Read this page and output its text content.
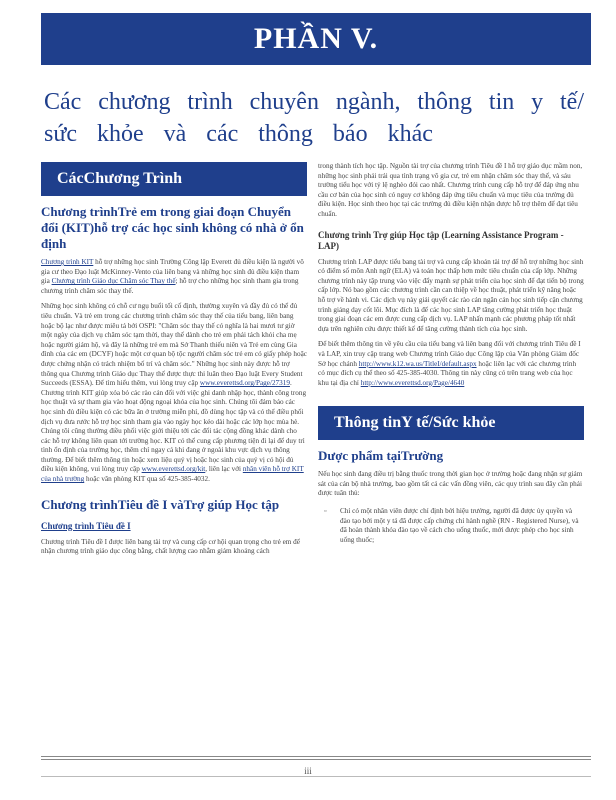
PHẦN V.
Các chương trình chuyên ngành, thông tin y tế/
sức khỏe và các thông báo khác
CácChương Trình
Chương trìnhTrẻ em trong giai đoạn Chuyển đổi (KIT)hỗ trợ các học sinh không có nhà ở ổn định

Chương trình KIT hỗ trợ những học sinh Trường Công lập Everett đủ điều kiện là người vô gia cư theo Đạo luật McKinney-Vento của liên bang và những học sinh đủ điều kiện tham gia Chương trình Giáo dục Chăm sóc Thay thế; hỗ trợ cho những học sinh tham gia trong chương trình chăm sóc thay thế.

Những học sinh không có chỗ cư ngụ buổi tối cố định, thường xuyên và đầy đủ có thể đủ tiêu chuẩn. Và trẻ em trong các chương trình chăm sóc thay thế của tiểu bang, liên bang hoặc bộ lạc như được miêu tả bởi OSPI: "Chăm sóc thay thế có nghĩa là hai mươi tư giờ một ngày của dịch vụ chăm sóc tạm thời, thay thế dành cho trẻ em phải tách khỏi cha mẹ hoặc người giám hộ, và đây là những trẻ em mà Sở Thanh thiếu niên và Trẻ em cùng Gia đình của các em (DCYF) hoặc một cơ quan bộ tộc người chăm sóc trẻ em có giấy phép hoặc được chứng nhận có trách nhiệm bố trí và chăm sóc." Những học sinh này được hỗ trợ thông qua Chương trình Giáo dục Thay thế được thực thi luân theo Đạo luật Every Student Succeeds (ESSA). Để tìm hiểu thêm, vui lòng truy cập www.everettsd.org/Page/27319. Chương trình KIT giúp xóa bỏ các rào cản đối với việc ghi danh nhập học, thành công trong học thuật và sự tham gia vào hoạt động ngoại khóa của học sinh. Chúng tôi đảm bảo các học sinh đủ điều kiện có các bữa ăn ở trường miễn phí, đồ dùng học tập và có thể điều phối dịch vụ đưa rước hỗ trợ học sinh tham gia vào ngày học kéo dài hoặc các lớp học mùa hè. Chúng tôi cũng thường điều phối việc giới thiệu tới các đối tác cộng đồng khác dành cho các hỗ trợ không liên quan tới trường học. KIT có thể cung cấp phương tiện đi lại để duy trì tình ổn định của trường học, thêm chí ngay cả khi đang ở ngoài khu vực dịch vụ thông thường. Để biết thêm thông tin hoặc xem liệu quý vị hoặc học sinh của quý vị có hội đủ điều kiện không, vui lòng truy cập www.everettsd.org/kit, liên lạc với nhân viên hỗ trợ KIT của nhà trường hoặc văn phòng KIT qua số 425-385-4032.

Chương trìnhTiêu đề I vàTrợ giúp Học tập
Chương trình Tiêu đề I

Chương trình Tiêu đề I được liên bang tài trợ và cung cấp cơ hội quan trọng cho trẻ em để nhận chương trình giáo dục công bằng, chất lượng cao nhằm giảm khoảng cách

trong thành tích học tập. Nguồn tài trợ của chương trình Tiêu đề I hỗ trợ giáo dục mầm non, những học sinh phải trải qua tình trạng vô gia cư, trẻ em nhận chăm sóc thay thế, và sáu trường tiểu học với tỷ lệ nghèo đói cao nhất. Chương trình cung cấp hỗ trợ để đáp ứng nhu cầu cơ bản của học sinh có nguy cơ không đáp ứng tiêu chuẩn và mục tiêu của trường đủ điều kiện. Học sinh theo học tại các trường đủ điều kiện nhận được hỗ trợ thêm để đạt tiêu chuẩn.

Chương trình Trợ giúp Học tập (Learning Assistance Program - LAP)

Chương trình LAP được tiểu bang tài trợ và cung cấp khoản tài trợ để hỗ trợ những học sinh có điểm số môn Anh ngữ (ELA) và toán học thấp hơn mức tiêu chuẩn của cấp lớp. Những chương trình này tập trung vào việc đẩy mạnh sự phát triển của học sinh để đạt tiến bộ trong cấp lớp. Nó bao gồm các chương trình cần can thiệp về học thuật, phát triển kỹ năng hoặc hỗ trợ về hành vi. Các dịch vụ này giải quyết các rào cản ngăn cản học sinh tiếp cận chương trình giảng dạy cốt lõi. Mục đích là để các học sinh LAP tăng cường phát triển học thuật trong giai đoạn các em được cung cấp dịch vụ. LAP nhấn mạnh các phương pháp tốt nhất dựa trên nghiên cứu được thiết kế để tăng cường thành tích của học sinh.

Để biết thêm thông tin về yêu cầu của tiểu bang và liên bang đối với chương trình Tiêu đề I và LAP, xin truy cập trang web Chương trình Giáo dục Công lập của Văn phòng Giám đốc Sở học chánh http://www.k12.wa.us/TitleI/default.aspx hoặc liên lạc với các chương trình có mục đích cụ thể theo số 425-385-4030. Thông tin này cũng có trên trang web của học khu tại địa chỉ http://www.everettsd.org/Page/4640

Thông tinY tế/Sức khỏe
Dược phẩm tạiTrường

Nếu học sinh đang điều trị bằng thuốc trong thời gian học ở trường hoặc đang nhận sự giám sát của cán bộ nhà trường, bao gồm tất cả các vấn đồng viên, các quy trình sau đây cần phải được tuân thủ:

▫ Chỉ có một nhân viên được chỉ định bởi hiệu trưởng, người đã được ủy quyền và đào tạo bởi một y tá đã được cấp chứng chỉ hành nghề (RN - Registered Nurse), và đã hoàn thành khóa đào tạo về cách cho uống thuốc, mới được phép cho học sinh uống thuốc;
iii
